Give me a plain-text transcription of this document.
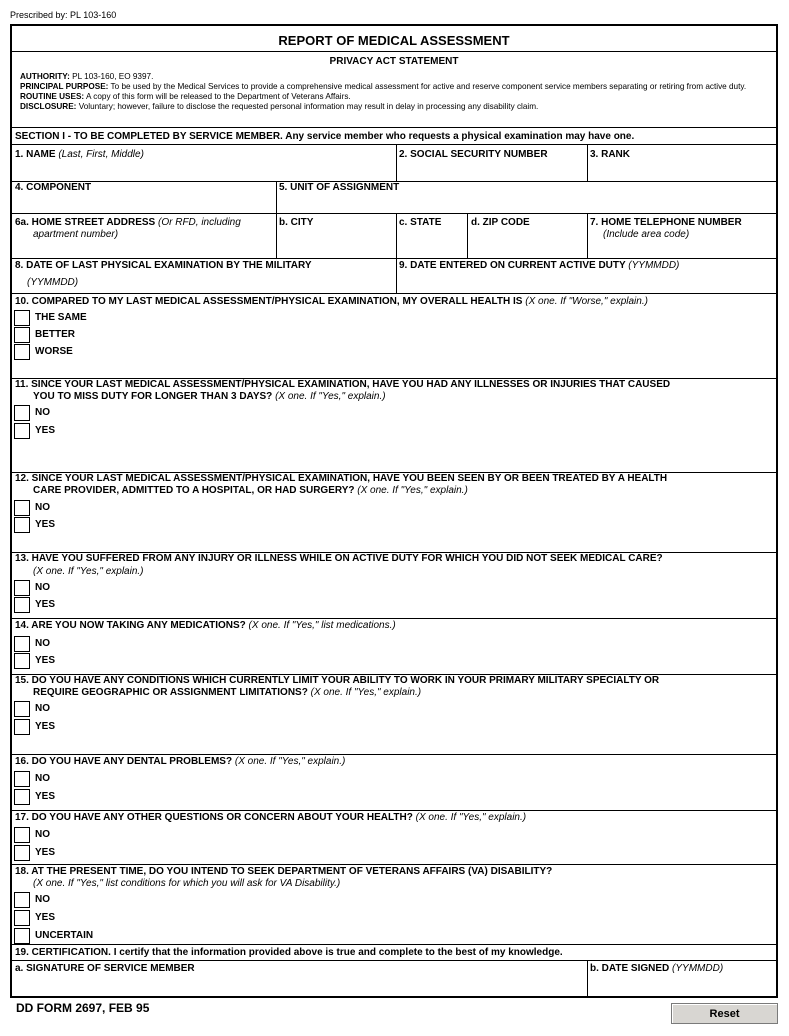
Prescribed by: PL 103-160
REPORT OF MEDICAL ASSESSMENT
PRIVACY ACT STATEMENT
AUTHORITY: PL 103-160, EO 9397.
PRINCIPAL PURPOSE: To be used by the Medical Services to provide a comprehensive medical assessment for active and reserve component service members separating or retiring from active duty.
ROUTINE USES: A copy of this form will be released to the Department of Veterans Affairs.
DISCLOSURE: Voluntary; however, failure to disclose the requested personal information may result in delay in processing any disability claim.
SECTION I - TO BE COMPLETED BY SERVICE MEMBER. Any service member who requests a physical examination may have one.
1. NAME (Last, First, Middle)	2. SOCIAL SECURITY NUMBER	3. RANK
4. COMPONENT	5. UNIT OF ASSIGNMENT
6a. HOME STREET ADDRESS (Or RFD, including
apartment number)
b. CITY	c. STATE	d. ZIP CODE	7. HOME TELEPHONE NUMBER
(Include area code)
8. DATE OF LAST PHYSICAL EXAMINATION BY THE MILITARY
(YYMMDD)
9. DATE ENTERED ON CURRENT ACTIVE DUTY (YYMMDD)
10. COMPARED TO MY LAST MEDICAL ASSESSMENT/PHYSICAL EXAMINATION, MY OVERALL HEALTH IS (X one. If "Worse," explain.)
THE SAME
BETTER
WORSE
11. SINCE YOUR LAST MEDICAL ASSESSMENT/PHYSICAL EXAMINATION, HAVE YOU HAD ANY ILLNESSES OR INJURIES THAT CAUSED
YOU TO MISS DUTY FOR LONGER THAN 3 DAYS? (X one. If "Yes," explain.)
NO
YES
12. SINCE YOUR LAST MEDICAL ASSESSMENT/PHYSICAL EXAMINATION, HAVE YOU BEEN SEEN BY OR BEEN TREATED BY A HEALTH
CARE PROVIDER, ADMITTED TO A HOSPITAL, OR HAD SURGERY? (X one. If "Yes," explain.)
NO
YES
13. HAVE YOU SUFFERED FROM ANY INJURY OR ILLNESS WHILE ON ACTIVE DUTY FOR WHICH YOU DID NOT SEEK MEDICAL CARE?
(X one. If "Yes," explain.)
NO
YES
14. ARE YOU NOW TAKING ANY MEDICATIONS? (X one. If "Yes," list medications.)
NO
YES
15. DO YOU HAVE ANY CONDITIONS WHICH CURRENTLY LIMIT YOUR ABILITY TO WORK IN YOUR PRIMARY MILITARY SPECIALTY OR
REQUIRE GEOGRAPHIC OR ASSIGNMENT LIMITATIONS? (X one. If "Yes," explain.)
NO
YES
16. DO YOU HAVE ANY DENTAL PROBLEMS? (X one. If "Yes," explain.)
NO
YES
17. DO YOU HAVE ANY OTHER QUESTIONS OR CONCERN ABOUT YOUR HEALTH? (X one. If "Yes," explain.)
NO
YES
18. AT THE PRESENT TIME, DO YOU INTEND TO SEEK DEPARTMENT OF VETERANS AFFAIRS (VA) DISABILITY?
(X one. If "Yes," list conditions for which you will ask for VA Disability.)
NO
YES
UNCERTAIN
19. CERTIFICATION. I certify that the information provided above is true and complete to the best of my knowledge.
a. SIGNATURE OF SERVICE MEMBER	b. DATE SIGNED (YYMMDD)
DD FORM 2697, FEB 95	Reset
